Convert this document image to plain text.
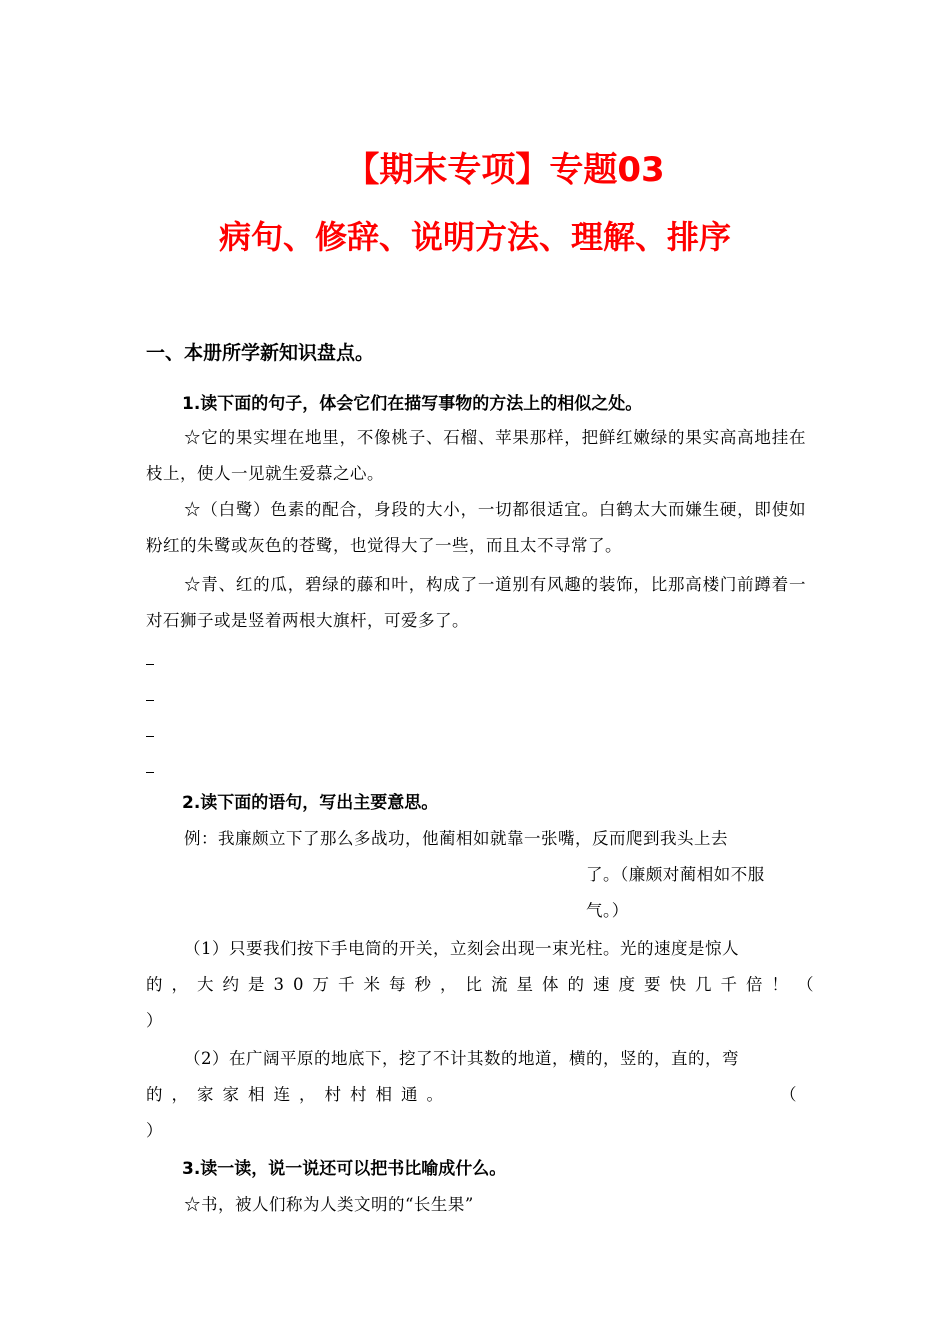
【期末专项】专题03
病句、修辞、说明方法、理解、排序
一、本册所学新知识盘点。
1.读下面的句子，体会它们在描写事物的方法上的相似之处。
☆它的果实埋在地里，不像桃子、石榴、苹果那样，把鲜红嫩绿的果实高高地挂在枝上，使人一见就生爱慕之心。
☆（白鹭）色素的配合，身段的大小，一切都很适宜。白鹤太大而嫌生硬，即使如粉红的朱鹭或灰色的苍鹭，也觉得大了一些，而且太不寻常了。
☆青、红的瓜，碧绿的藤和叶，构成了一道别有风趣的装饰，比那高楼门前蹲着一对石狮子或是竖着两根大旗杆，可爱多了。
2.读下面的语句，写出主要意思。
例：我廉颇立下了那么多战功，他蔺相如就靠一张嘴，反而爬到我头上去
了。（廉颇对蔺相如不服
气。）
（1）只要我们按下手电筒的开关，立刻会出现一束光柱。光的速度是惊人
的，大约是30万千米每秒，比流星体的速度要快几千倍！（
）
（2）在广阔平原的地底下，挖了不计其数的地道，横的，竖的，直的，弯
的，家家相连，村村相通。	（
）
3.读一读，说一说还可以把书比喻成什么。
☆书，被人们称为人类文明的“长生果”
